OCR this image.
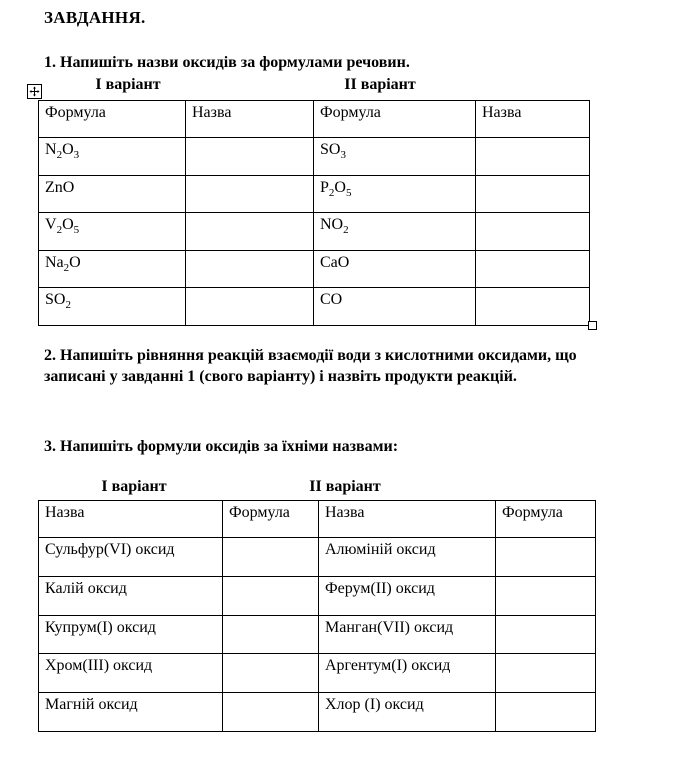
ЗАВДАННЯ.

1. Напишіть назви оксидів за формулами речовин.

І варіант	ІІ варіант
Формула	Назва	Формула	Назва
$N_2O_3$		$SO_3$	
ZnO		$P_2O_5$	
$V_2O_5$		$NO_2$	
$Na_2O$		CaO	
$SO_2$		CO	

2. Напишіть рівняння реакцій взаємодії води з кислотними оксидами, що записані у завданні 1 (свого варіанту) і назвіть продукти реакцій.

3. Напишіть формули оксидів за їхніми назвами:

І варіант	ІІ варіант
Назва	Формула	Назва	Формула
Сульфур(VI) оксид		Алюміній оксид	
Калій оксид		Ферум(II) оксид	
Купрум(I) оксид		Манган(VII) оксид	
Хром(III) оксид		Аргентум(I) оксид	
Магній оксид		Хлор (I) оксид	
